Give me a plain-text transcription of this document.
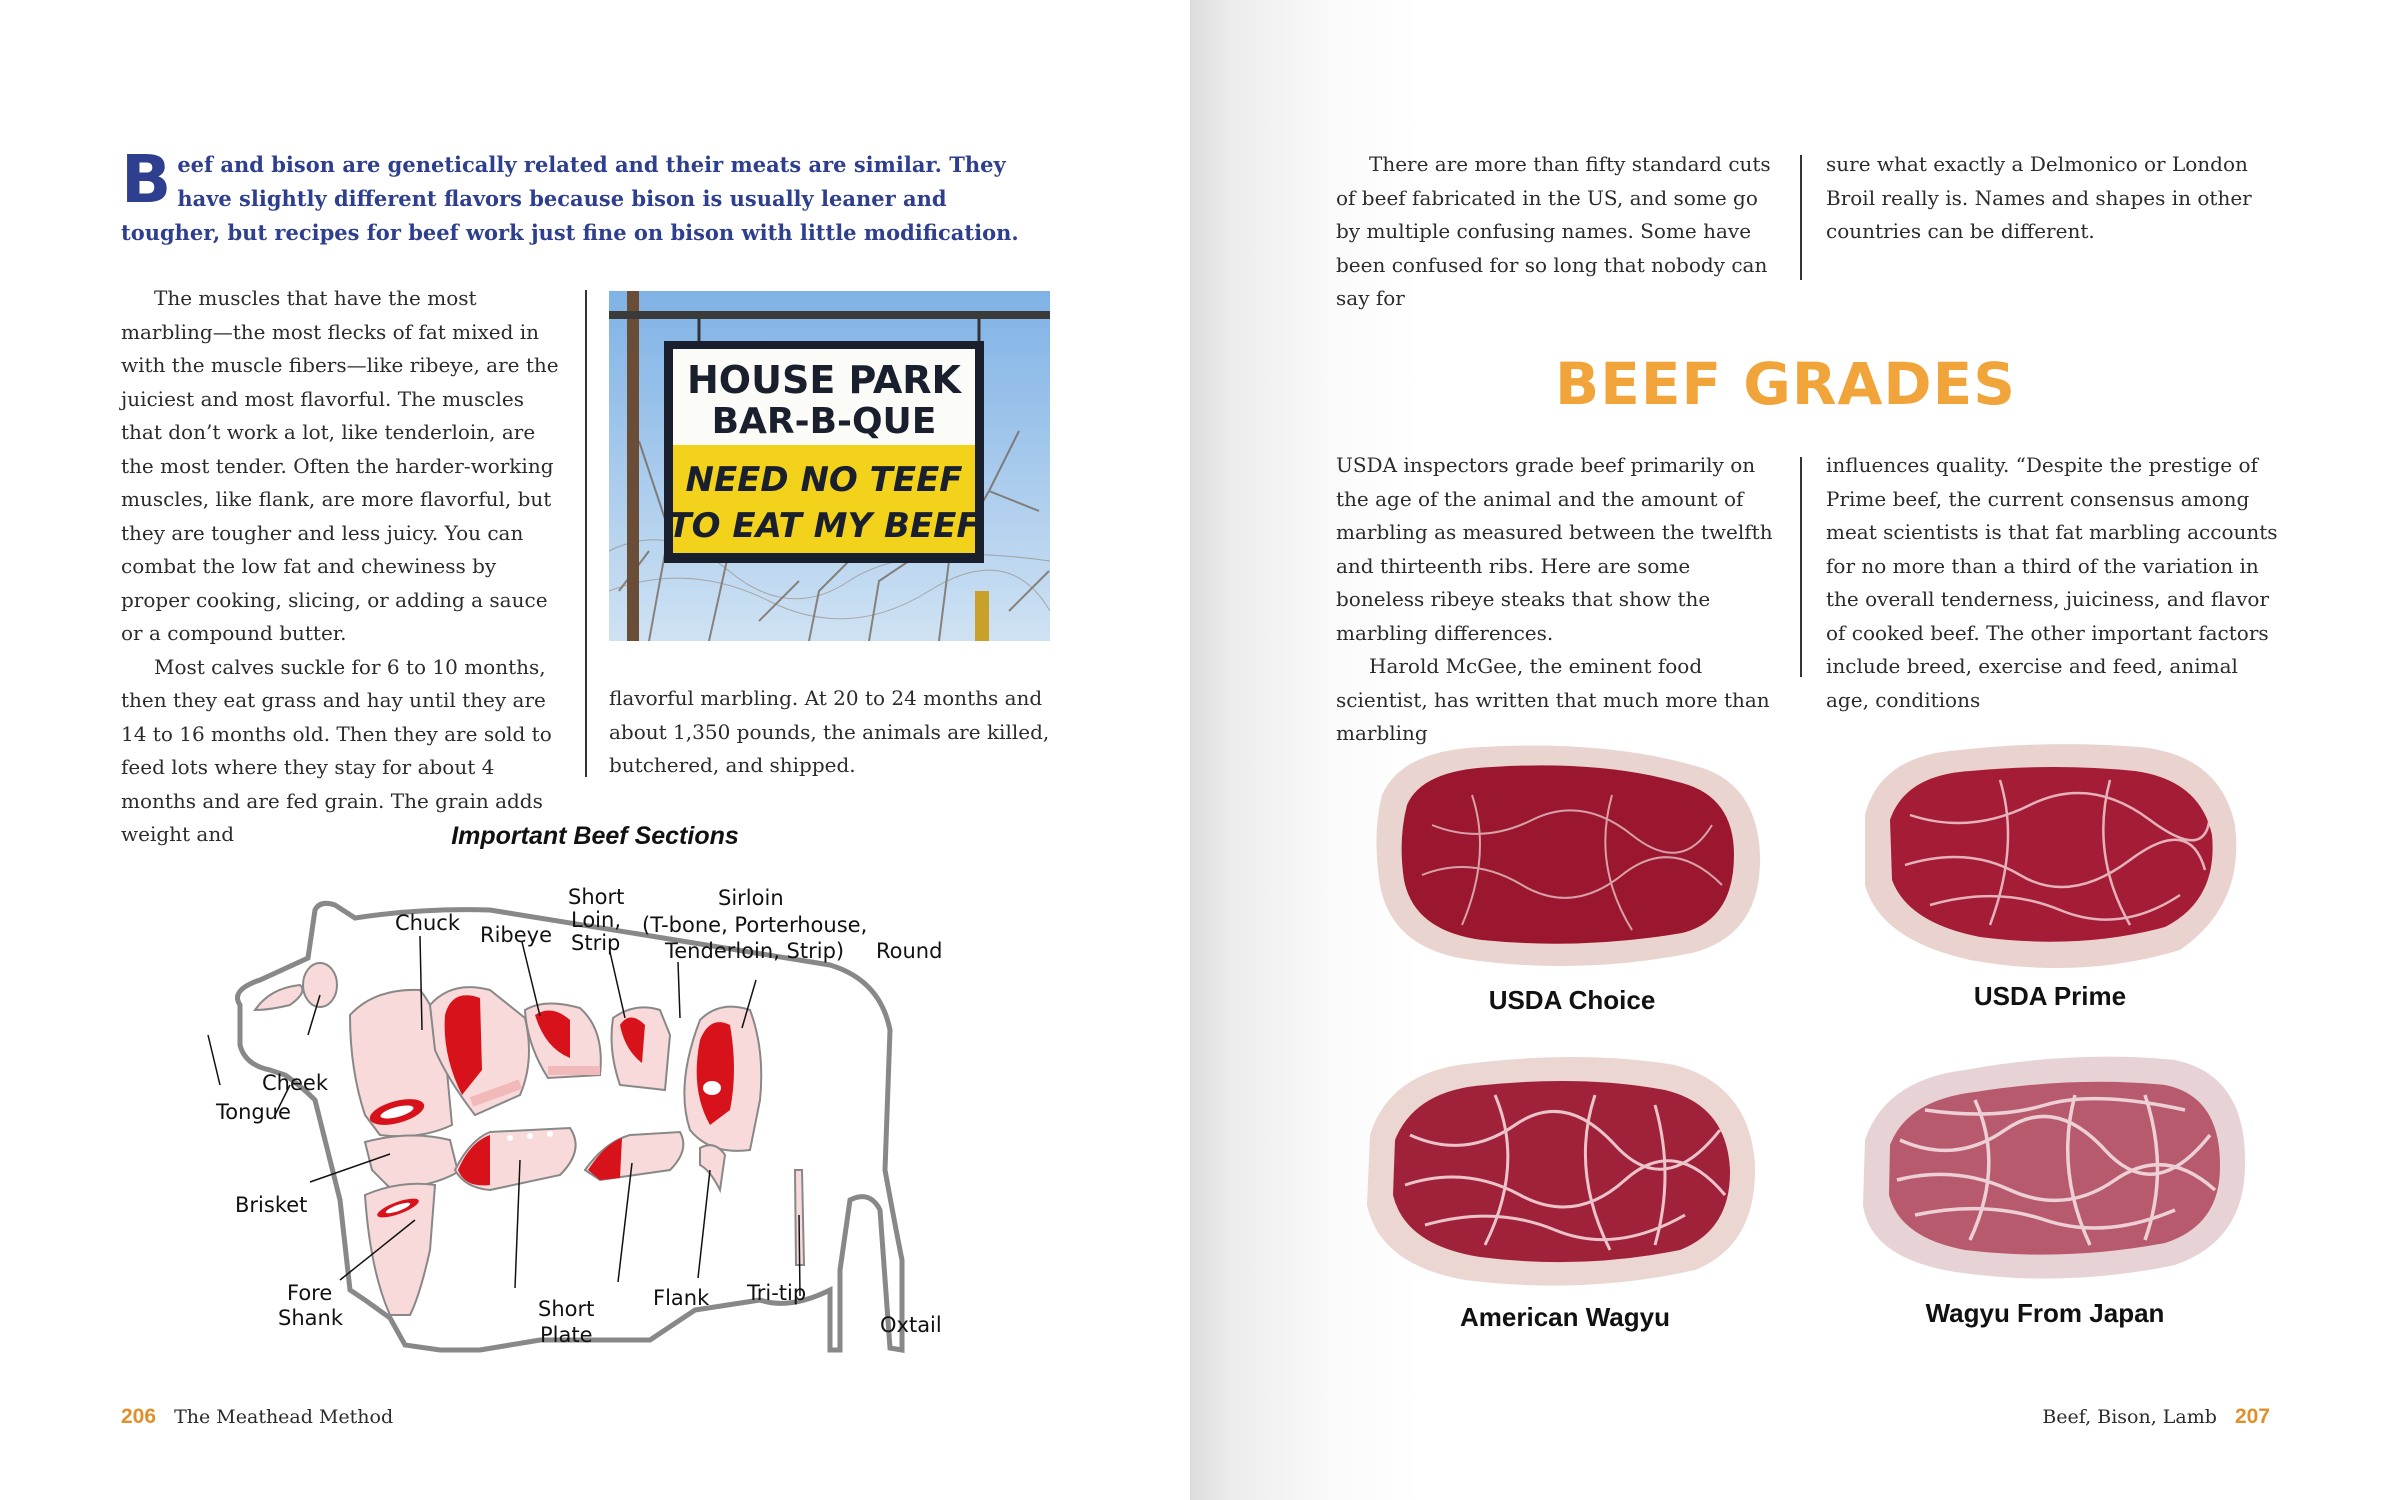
Beef and bison are genetically related and their meats are similar. They have slightly different flavors because bison is usually leaner and tougher, but recipes for beef work just fine on bison with little modification.

The muscles that have the most marbling—the most flecks of fat mixed in with the muscle fibers—like ribeye, are the juiciest and most flavorful. The muscles that don’t work a lot, like tenderloin, are the most tender. Often the harder-working muscles, like flank, are more flavorful, but they are tougher and less juicy. You can combat the low fat and chewiness by proper cooking, slicing, or adding a sauce or a compound butter.

Most calves suckle for 6 to 10 months, then they eat grass and hay until they are 14 to 16 months old. Then they are sold to feed lots where they stay for about 4 months and are fed grain. The grain adds weight and

HOUSE PARK
BAR-B-QUE
NEED NO TEEF
TO EAT MY BEEF

flavorful marbling. At 20 to 24 months and about 1,350 pounds, the animals are killed, butchered, and shipped.

Important Beef Sections
Chuck Ribeye
Short
Loin,
Strip
Sirloin
(T-bone, Porterhouse,
Tenderloin, Strip) Round
Cheek
Tongue
Brisket
Fore
Shank	Short
Plate
Flank Tri-tip
Oxtail
206 The Meathead Method

There are more than fifty standard cuts of beef fabricated in the US, and some go by multiple confusing names. Some have been confused for so long that nobody can say for

sure what exactly a Delmonico or London Broil really is. Names and shapes in other countries can be different.

BEEF GRADES

USDA inspectors grade beef primarily on the age of the animal and the amount of marbling as measured between the twelfth and thirteenth ribs. Here are some boneless ribeye steaks that show the marbling differences.

Harold McGee, the eminent food scientist, has written that much more than marbling

influences quality. “Despite the prestige of Prime beef, the current consensus among meat scientists is that fat marbling accounts for no more than a third of the variation in the overall tenderness, juiciness, and flavor of cooked beef. The other important factors include breed, exercise and feed, animal age, conditions

USDA Choice	USDA Prime
American Wagyu	Wagyu From Japan
Beef, Bison, Lamb 207
